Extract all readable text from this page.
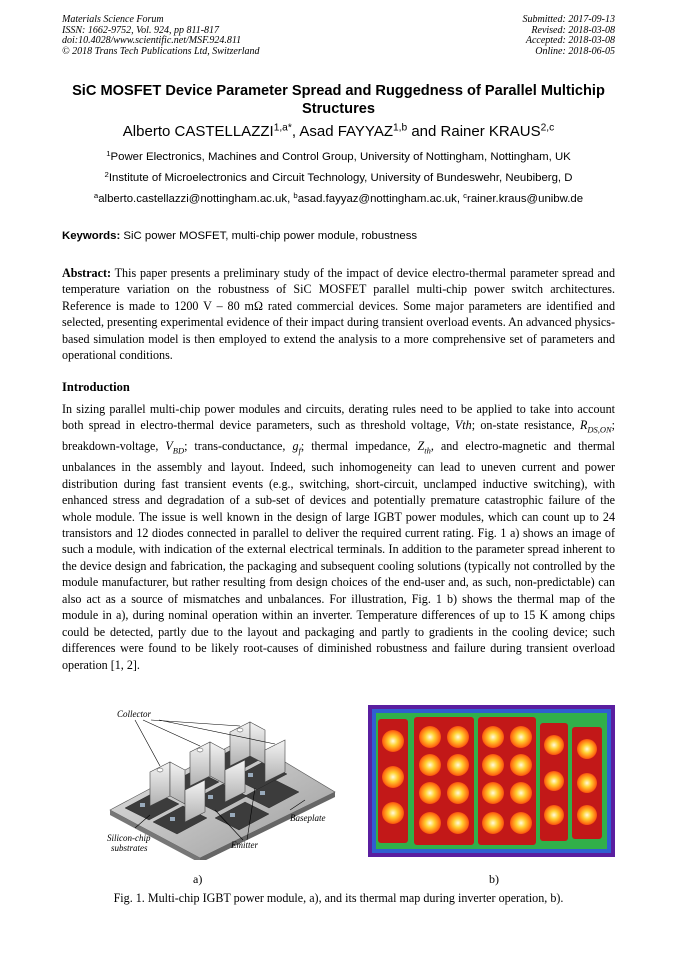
Materials Science Forum
ISSN: 1662-9752, Vol. 924, pp 811-817
doi:10.4028/www.scientific.net/MSF.924.811
© 2018 Trans Tech Publications Ltd, Switzerland
Submitted: 2017-09-13
Revised: 2018-03-08
Accepted: 2018-03-08
Online: 2018-06-05
SiC MOSFET Device Parameter Spread and Ruggedness of Parallel Multichip Structures
Alberto $CASTELLAZZI^{1,a*}$, Asad FAYYAZ$^{1,b}$ and Rainer KRAUS$^{2,c}$
$^1$Power Electronics, Machines and Control Group, University of Nottingham, Nottingham, UK
$^2$Institute of Microelectronics and Circuit Technology, University of Bundeswehr, Neubiberg, D
$^a$alberto.castellazzi@nottingham.ac.uk, $^b$asad.fayyaz@nottingham.ac.uk, $^c$rainer.kraus@unibw.de
Keywords: SiC power MOSFET, multi-chip power module, robustness
Abstract: This paper presents a preliminary study of the impact of device electro-thermal parameter spread and temperature variation on the robustness of SiC MOSFET parallel multi-chip power switch architectures. Reference is made to 1200 V – 80 mΩ rated commercial devices. Some major parameters are identified and selected, presenting experimental evidence of their impact during transient overload events. An advanced physics-based simulation model is then employed to extend the analysis to a more comprehensive set of parameters and operational conditions.
Introduction
In sizing parallel multi-chip power modules and circuits, derating rules need to be applied to take into account both spread in electro-thermal device parameters, such as threshold voltage, Vth; on-state resistance, $R_{DS,ON}$; breakdown-voltage, $V_{BD}$; trans-conductance, $g_f$; thermal impedance, $Z_{th}$, and electro-magnetic and thermal unbalances in the assembly and layout. Indeed, such inhomogeneity can lead to uneven current and power distribution during fast transient events (e.g., switching, short-circuit, unclamped inductive switching), with enhanced stress and degradation of a sub-set of devices and potentially premature catastrophic failure of the whole module. The issue is well known in the design of large IGBT power modules, which can count up to 24 transistors and 12 diodes connected in parallel to deliver the required current rating. Fig. 1 a) shows an image of such a module, with indication of the external electrical terminals. In addition to the parameter spread inherent to the device design and fabrication, the packaging and subsequent cooling solutions (typically not controlled by the module manufacturer, but rather resulting from design choices of the end-user and, as such, non-predictable) can also act as a source of mismatches and unbalances. For illustration, Fig. 1 b) shows the thermal map of the module in a), during nominal operation within an inverter. Temperature differences of up to 15 K among chips could be detected, partly due to the layout and packaging and partly to gradients in the cooling device; such differences were found to be likely root-causes of diminished robustness and failure during transient overload operation [1, 2].
Collector
Baseplate
Silicon-chip
substrates	Emitter
a)	b)
Fig. 1. Multi-chip IGBT power module, a), and its thermal map during inverter operation, b).
